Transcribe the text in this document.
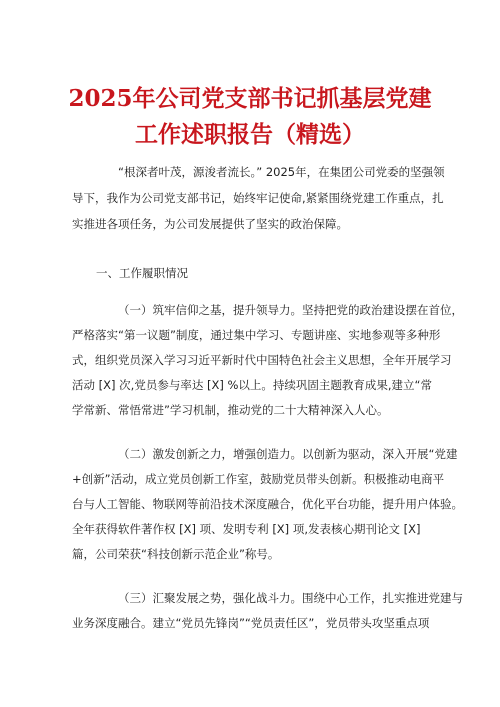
2025年公司党支部书记抓基层党建
工作述职报告（精选）
“根深者叶茂，源浚者流长。” 2025年，在集团公司党委的坚强领
导下，我作为公司党支部书记，始终牢记使命,紧紧围绕党建工作重点，扎
实推进各项任务，为公司发展提供了坚实的政治保障。
一、工作履职情况
（一）筑牢信仰之基，提升领导力。坚持把党的政治建设摆在首位，
严格落实“第一议题”制度，通过集中学习、专题讲座、实地参观等多种形
式，组织党员深入学习习近平新时代中国特色社会主义思想，全年开展学习
活动 [X] 次,党员参与率达 [X] %以上。持续巩固主题教育成果,建立“常
学常新、常悟常进”学习机制，推动党的二十大精神深入人心。
（二）激发创新之力，增强创造力。以创新为驱动，深入开展“党建
+创新”活动，成立党员创新工作室，鼓励党员带头创新。积极推动电商平
台与人工智能、物联网等前沿技术深度融合，优化平台功能，提升用户体验。
全年获得软件著作权 [X] 项、发明专利 [X] 项,发表核心期刊论文 [X]
篇，公司荣获“科技创新示范企业”称号。
（三）汇聚发展之势，强化战斗力。围绕中心工作，扎实推进党建与
业务深度融合。建立“党员先锋岗”“党员责任区”，党员带头攻坚重点项
